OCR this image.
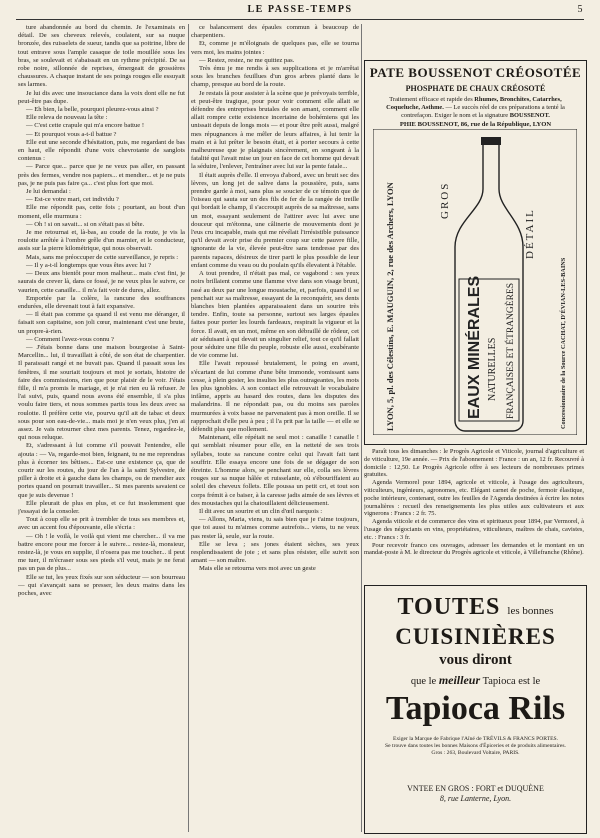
LE PASSE-TEMPS	5

ture abandonnée au bord du chemin. Je l'examinais en détail. De ses cheveux relevés, coulaient, sur sa nuque bronzée, des ruisselets de sueur, tandis que sa poitrine, libre de tout entrave sous l'ample casaque de toile mouillée sous les bras, se soulevait et s'abaissait en un rythme précipité. De sa robe noire, sillonnée de reprises, émergeait de grossières chaussures. A chaque instant de ses poings rouges elle essuyait ses larmes.

Je lui dis avec une insouciance dans la voix dont elle ne fut peut-être pas dupe.

— Eh bien, la belle, pourquoi pleurez-vous ainsi ?

Elle releva de nouveau la tête :

— C'est cette crapule qui m'a encore battue !

— Et pourquoi vous a-t-il battue ?

Elle eut une seconde d'hésitation, puis, me regardant de bas en haut, elle répondit d'une voix chevrotante de sanglots contenus :

— Parce que... parce que je ne veux pas aller, en passant près des fermes, vendre nos papiers... et mendier... et je ne puis pas, je ne puis pas faire ça... c'est plus fort que moi.

Je lui demandai :

— Est-ce votre mari, cet individu ?

Elle me répondit pas, cette fois ; pourtant, au bout d'un moment, elle murmura :

— Oh ! si on savait... si on s'était pas si bête.

Je me retournai et, là-bas, au coude de la route, je vis la roulotte arrêtée à l'ombre grêle d'un marnier, et le conducteur, assis sur la pierre kilométrique, qui nous observait.

Mais, sans me préoccuper de cette surveillance, je repris :

— Il y a-t-il longtemps que vous êtes avec lui ?

— Deux ans bientôt pour mon malheur... mais c'est fini, je saurais de crever là, dans ce fossé, je ne veux plus le suivre, ce vaurien, cette canaille... il m'a fait voir de dures, allez.

Emportée par la colère, la rancune des souffrances endurées, elle devenait tout à fait expansive.

— Il était pas comme ça quand il est venu me déranger, il faisait son capitaine, son joli cœur, maintenant c'est une brute, un propre-à-rien.

— Comment l'avez-vous connu ?

— J'étais bonne dans une maison bourgeoise à Saint-Marcellin... lui, il travaillait à côté, de son état de charpentier. Il paraissait rangé et ne buvait pas. Quand il passait sous les fenêtres, il me souriait toujours et moi je sortais, histoire de faire des commissions, rien que pour plaisir de le voir. J'étais fille, il m'a promis le mariage, et je n'ai rien eu là refuser. Je l'ai suivi, puis, quand nous avons été ensemble, il s'a plus voulu faire tiers, et nous sommes partis tous les deux avec sa roulotte. Il préfère cette vie, pourvu qu'il ait de tabac et deux sous pour son eau-de-vie... mais moi je n'en veux plus, j'en ai assez. Je vais retourner chez mes parents. Tenez, regardez-le, qui nous reluque.

Et, s'adressant à lui comme s'il pouvait l'entendre, elle ajouta : — Va, regarde-moi bien, feignant, tu ne me reprendras plus à écorner tes bêtises... Est-ce une existence ça, que de courir sur les routes, du jour de l'an à la saint Sylvestre, de piller à droite et à gauche dans les champs, ou de mendier aux portes quand on pourrait travailler... Si mes parents savaient ce que je suis devenue !

Elle pleurait de plus en plus, et ce fut insolemment que j'essayai de la consoler.

Tout à coup elle se prit à trembler de tous ses membres et, avec un accent fou d'épouvante, elle s'écria :

— Oh ! le voilà, le voilà qui vient me chercher... il va me battre encore pour me forcer à le suivre... restez-là, monsieur, restez-là, je vous en supplie, il n'osera pas me toucher... il peut me tuer, il m'écraser sous ses pieds s'il veut, mais je ne ferai pas un pas de plus...

Elle se tut, les yeux fixés sur son séducteur — son bourreau — qui s'avançait sans se presser, les deux mains dans les poches, avec

ce balancement des épaules commun à beaucoup de charpentiers.

Et, comme je m'éloignais de quelques pas, elle se tourna vers moi, les mains jointes :

— Restez, restez, ne me quittez pas.

Très ému je me rendis à ses supplications et je m'arrêtai sous les branches feuillues d'un gros arbres planté dans le champ, presque au bord de la route.

Je restais là pour assister à la scène que je prévoyais terrible, et peut-être tragique, pour pour voir comment elle allait se défendre des entreprises brutales de son amant, comment elle allait rompre cette existence incertaine de bohémiens qui les unissait depuis de longs mois — et pour être prêt aussi, malgré mes répugnances à me mêler de leurs affaires, à lui tenir la main et à lui prêter le besoin était, et à porter secours à cette malheureuse que je plaignais sincèrement, en songeant à la fatalité qui l'avait mise un jour en face de cet homme qui devait la séduire, l'enlever, l'entraîner avec lui sur la pente fatale...

Il était auprès d'elle. Il envoya d'abord, avec un bruit sec des lèvres, un long jet de salive dans la poussière, puis, sans prendre garde à moi, sans plus se soucier de ce témoin que de l'oiseau qui sauta sur un des fils de fer de la rangée de treille qui bordait le champ, il s'accroupit auprès de sa maîtresse, sans un mot, essayant seulement de l'attirer avec lui avec une douceur qui m'étonna, une câlinerie de mouvements dont je l'eus cru incapable, mais qui me révélait l'irrésistible puissance qu'il devait avoir prise du premier coup sur cette pauvre fille, ignorante de la vie, élevée peut-être sans tendresse par des parents rapaces, désireux de tirer parti le plus possible de leur enfant comme du veau ou du poulain qu'ils élevaient à l'étable.

A tout prendre, il n'était pas mal, ce vagabond : ses yeux noirs brillaient comme une flamme vive dans son visage bruni, rasé au deux par une longue moustache, et, parfois, quand il se penchait sur sa maîtresse, essayant de la reconquérir, ses dents blanches bien plantées apparaissaient dans un sourire très tendre. Enfin, toute sa personne, surtout ses larges épaules faites pour porter les lourds fardeaux, respirait la vigueur et la force. Il avait, en un mot, même en son débraillé de rôdeur, cet air séduisant à qui devait un singulier relief, tout ce qu'il fallait pour séduire une fille du peuple, robuste elle aussi, exubérante de vie comme lui.

Elle l'avait repoussé brutalement, le poing en avant, s'écartant de lui comme d'une bête immonde, vomissant sans cesse, à plein gosier, les insultes les plus outrageantes, les mots les plus ignobles. A son contact elle retrouvait le vocabulaire infâme, appris au hasard des routes, dans les disputes des malandrins. Il ne répondait pas, ou du moins ses paroles murmurées à voix basse ne parvenaient pas à mon oreille. Il se rapprochait d'elle peu à peu ; il l'a prit par la taille — et elle se défendit plus que mollement.

Maintenant, elle répétait ne seul mot : canaille ! canaille ! qui semblait résumer pour elle, en la netteté de ses trois syllabes, toute sa rancune contre celui qui l'avait fait tant souffrir. Elle essaya encore une fois de se dégager de son étreinte. L'homme alors, se penchant sur elle, colla ses lèvres rouges sur sa nuque hâlée et ruisselante, où s'ébouriffaient au soleil des cheveux follets. Elle poussa un petit cri, et tout son corps frémit à ce baiser, à la caresse jadis aimée de ses lèvres et des moustaches qui la chatouillaient délicieusement.

Il dit avec un sourire et un clin d'œil narquois :

— Allons, Maria, viens, tu sais bien que je t'aime toujours, que toi aussi tu m'aimes comme autrefois... viens, tu ne veux pas rester là, seule, sur la route.

Elle se leva ; ses jones étaient sèches, ses yeux resplendissaient de joie ; et sans plus résister, elle suivit son amant — son maître.

Mais elle se retourna vers moi avec un geste

PATE BOUSSENOT CRÉOSOTÉE
PHOSPHATE DE CHAUX CRÉOSOTÉ
Traitement efficace et rapide des Rhumes, Bronchites, Catarrhes, Coqueluche, Asthme. — Le succès réel de ces préparations a tenté la contrefaçon. Exiger le nom et la signature BOUSSENOT.
PHIE BOUSSENOT, 86, rue de la République, LYON
LYON, 5, pl. des Célestins, E. MAUGUIN, 2, rue des Archers, LYON	GROS
DÉTAIL
EAUX MINÉRALES NATURELLES FRANÇAISES ET ÉTRANGÈRES	Concessionnaire de la Source CACHAT, D'ÉVIAN-LES-BAINS

Paraît tous les dimanches : le Progrès Agricole et Viticole, journal d'agriculture et de viticulture, 19e année. — Prix de l'abonnement : France : un an, 12 fr. Recouvré à domicile : 12,50. Le Progrès Agricole offre à ses lecteurs de nombreuses primes gratuites.

Agenda Vermorel pour 1894, agricole et viticole, à l'usage des agriculteurs, viticulteurs, ingénieurs, agronomes, etc. Elégant carnet de poche, fermoir élastique, poche intérieure, contenant, outre les feuilles de l'Agenda destinées à écrire les notes journalières : recueil des renseignements les plus utiles aux cultivateurs et aux vignerons : Francs : 2 fr. 75.

Agenda viticole et de commerce des vins et spiritueux pour 1894, par Vermorel, à l'usage des négociants en vins, propriétaires, viticulteurs, maîtres de chais, cavistes, etc. : Francs : 3 fr.

Pour recevoir franco ces ouvrages, adresser les demandes et le montant en un mandat-poste à M. le directeur du Progrès agricole et viticole, à Villefranche (Rhône).

TOUTES les bonnes
CUISINIÈRES
vous diront
que le meilleur Tapioca est le
Tapioca Rils
Exiger la Marque de Fabrique l'Aîné de TRÉVILS & FRANCS PORTES.
Se trouve dans toutes les bonnes Maisons d'Épiceries et de produits alimentaires.
Gros : 263, Boulevard Voltaire, PARIS.
VNTEE EN GROS : FORT et DUQUÈNE
8, rue Lanterne, Lyon.
